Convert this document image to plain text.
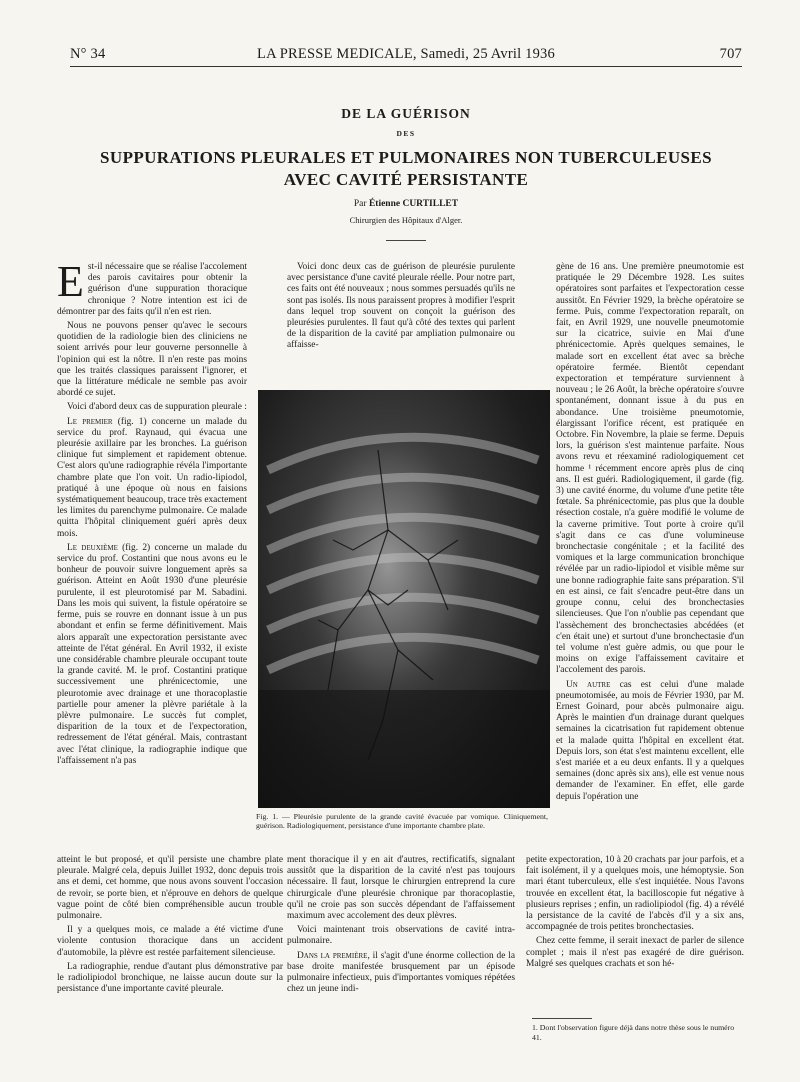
N° 34	LA PRESSE MEDICALE, Samedi, 25 Avril 1936	707
DE LA GUÉRISON
DES
SUPPURATIONS PLEURALES ET PULMONAIRES NON TUBERCULEUSES
AVEC CAVITÉ PERSISTANTE
Par Étienne CURTILLET
Chirurgien des Hôpitaux d'Alger.

Est-il nécessaire que se réalise l'accolement des parois cavitaires pour obtenir la guérison d'une suppuration thoracique chronique ? Notre intention est ici de démontrer par des faits qu'il n'en est rien.

Nous ne pouvons penser qu'avec le secours quotidien de la radiologie bien des cliniciens ne soient arrivés pour leur gouverne personnelle à l'opinion qui est la nôtre. Il n'en reste pas moins que les traités classiques paraissent l'ignorer, et que la littérature médicale ne semble pas avoir abordé ce sujet.

Voici d'abord deux cas de suppuration pleurale :

Le premier (fig. 1) concerne un malade du service du prof. Raynaud, qui évacua une pleurésie axillaire par les bronches. La guérison clinique fut simplement et rapidement obtenue. C'est alors qu'une radiographie révéla l'importante chambre plate que l'on voit. Un radio-lipiodol, pratiqué à une époque où nous en faisions systématiquement beaucoup, trace très exactement les limites du parenchyme pulmonaire. Ce malade quitta l'hôpital cliniquement guéri après deux mois.

Le deuxième (fig. 2) concerne un malade du service du prof. Costantini que nous avons eu le bonheur de pouvoir suivre longuement après sa guérison. Atteint en Août 1930 d'une pleurésie purulente, il est pleurotomisé par M. Sabadini. Dans les mois qui suivent, la fistule opératoire se ferme, puis se rouvre en donnant issue à un pus abondant et enfin se ferme définitivement. Mais alors apparaît une expectoration persistante avec atteinte de l'état général. En Avril 1932, il existe une considérable chambre pleurale occupant toute la grande cavité. M. le prof. Costantini pratique successivement une phrénicectomie, une pleurotomie avec drainage et une thoracoplastie partielle pour amener la plèvre pariétale à la plèvre pulmonaire. Le succès fut complet, disparition de la toux et de l'expectoration, redressement de l'état général. Mais, contrastant avec l'état clinique, la radiographie indique que l'affaissement n'a pas

atteint le but proposé, et qu'il persiste une chambre plate pleurale. Malgré cela, depuis Juillet 1932, donc depuis trois ans et demi, cet homme, que nous avons souvent l'occasion de revoir, se porte bien, et n'éprouve en dehors de quelque vague point de côté bien compréhensible aucun trouble pulmonaire.

Il y a quelques mois, ce malade a été victime d'une violente contusion thoracique dans un accident d'automobile, la plèvre est restée parfaitement silencieuse.

La radiographie, rendue d'autant plus démonstrative par le radiolipiodol bronchique, ne laisse aucun doute sur la persistance d'une importante cavité pleurale.

Voici donc deux cas de guérison de pleurésie purulente avec persistance d'une cavité pleurale réelle. Pour notre part, ces faits ont été nouveaux ; nous sommes persuadés qu'ils ne sont pas isolés. Ils nous paraissent propres à modifier l'esprit dans lequel trop souvent on conçoit la guérison des pleurésies purulentes. Il faut qu'à côté des textes qui parlent de la disparition de la cavité par ampliation pulmonaire ou affaisse-

ment thoracique il y en ait d'autres, rectificatifs, signalant aussitôt que la disparition de la cavité n'est pas toujours nécessaire. Il faut, lorsque le chirurgien entreprend la cure chirurgicale d'une pleurésie chronique par thoracoplastie, qu'il ne croie pas son succès dépendant de l'affaissement maximum avec accolement des deux plèvres.

Voici maintenant trois observations de cavité intra-pulmonaire.

Dans la première, il s'agit d'une énorme collection de la base droite manifestée brusquement par un épisode pulmonaire infectieux, puis d'importantes vomiques répétées chez un jeune indi-

gène de 16 ans. Une première pneumotomie est pratiquée le 29 Décembre 1928. Les suites opératoires sont parfaites et l'expectoration cesse aussitôt. En Février 1929, la brèche opératoire se ferme. Puis, comme l'expectoration reparaît, on fait, en Avril 1929, une nouvelle pneumotomie sur la cicatrice, suivie en Mai d'une phrénicectomie. Après quelques semaines, le malade sort en excellent état avec sa brèche opératoire fermée. Bientôt cependant expectoration et température surviennent à nouveau ; le 26 Août, la brèche opératoire s'ouvre spontanément, donnant issue à du pus en abondance. Une troisième pneumotomie, élargissant l'orifice récent, est pratiquée en Octobre. Fin Novembre, la plaie se ferme. Depuis lors, la guérison s'est maintenue parfaite. Nous avons revu et réexaminé radiologiquement cet homme ¹ récemment encore après plus de cinq ans. Il est guéri. Radiologiquement, il garde (fig. 3) une cavité énorme, du volume d'une petite tête fœtale. Sa phrénicectomie, pas plus que la double résection costale, n'a guère modifié le volume de la caverne primitive. Tout porte à croire qu'il s'agit dans ce cas d'une volumineuse bronchectasie congénitale ; et la facilité des vomiques et la large communication bronchique révélée par un radio-lipiodol et visible même sur une bonne radiographie faite sans préparation. S'il en est ainsi, ce fait s'encadre peut-être dans un groupe connu, celui des bronchectasies silencieuses. Que l'on n'oublie pas cependant que l'assèchement des bronchectasies abcédées (et c'en était une) et surtout d'une bronchectasie d'un tel volume n'est guère admis, ou que pour le moins on exige l'affaissement cavitaire et l'accolement des parois.

Un autre cas est celui d'une malade pneumotomisée, au mois de Février 1930, par M. Ernest Goinard, pour abcès pulmonaire aigu. Après le maintien d'un drainage durant quelques semaines la cicatrisation fut rapidement obtenue et la malade quitta l'hôpital en excellent état. Depuis lors, son état s'est maintenu excellent, elle s'est mariée et a eu deux enfants. Il y a quelques semaines (donc après six ans), elle est venue nous demander de l'examiner. En effet, elle garde depuis l'opération une

petite expectoration, 10 à 20 crachats par jour parfois, et a fait isolément, il y a quelques mois, une hémoptysie. Son mari étant tuberculeux, elle s'est inquiétée. Nous l'avons trouvée en excellent état, la bacilloscopie fut négative à plusieurs reprises ; enfin, un radiolipiodol (fig. 4) a révélé la persistance de la cavité de l'abcès d'il y a six ans, accompagnée de trois petites bronchectasies.

Chez cette femme, il serait inexact de parler de silence complet ; mais il n'est pas exagéré de dire guérison. Malgré ses quelques crachats et son hé-

Fig. 1. — Pleurésie purulente de la grande cavité évacuée par vomique. Cliniquement, guérison. Radiologiquement, persistance d'une importante chambre plate.
1. Dont l'observation figure déjà dans notre thèse sous le numéro 41.
